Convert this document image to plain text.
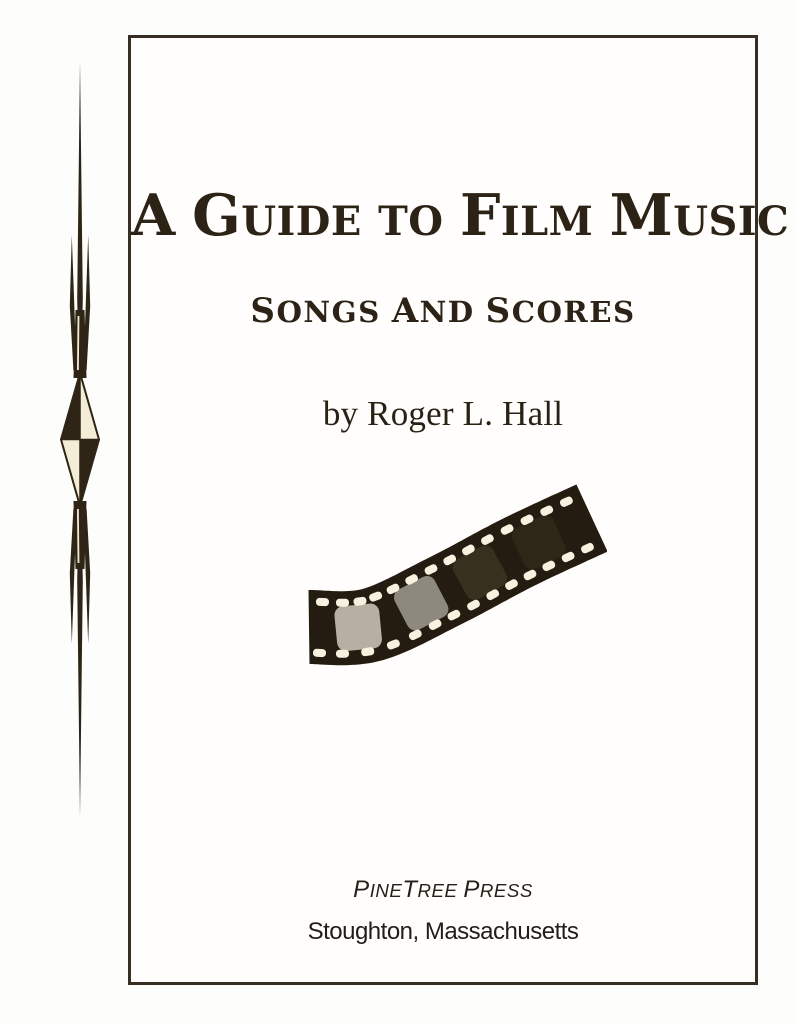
A GUIDE TO FILM MUSIC
SONGS AND SCORES
by Roger L. Hall
PINETREE PRESS
Stoughton, Massachusetts
